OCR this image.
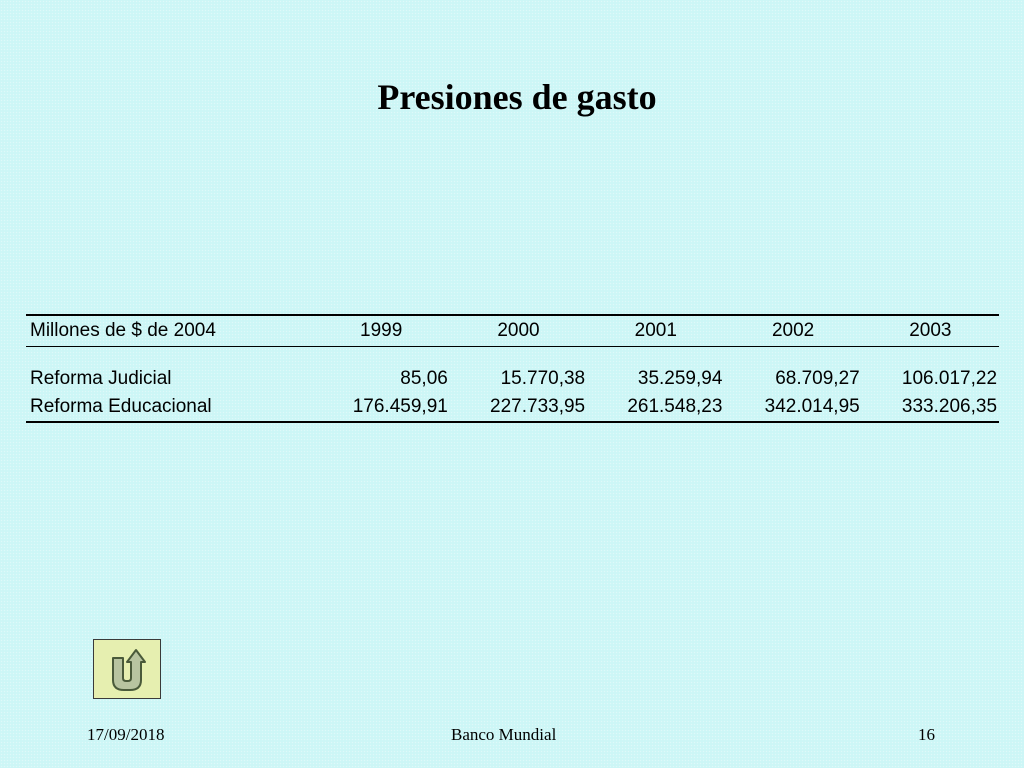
Presiones de gasto
Millones de $ de 2004	1999	2000	2001	2002	2003
Reforma Judicial	85,06	15.770,38	35.259,94	68.709,27	106.017,22
Reforma Educacional	176.459,91	227.733,95	261.548,23	342.014,95	333.206,35
17/09/2018	Banco Mundial	16
